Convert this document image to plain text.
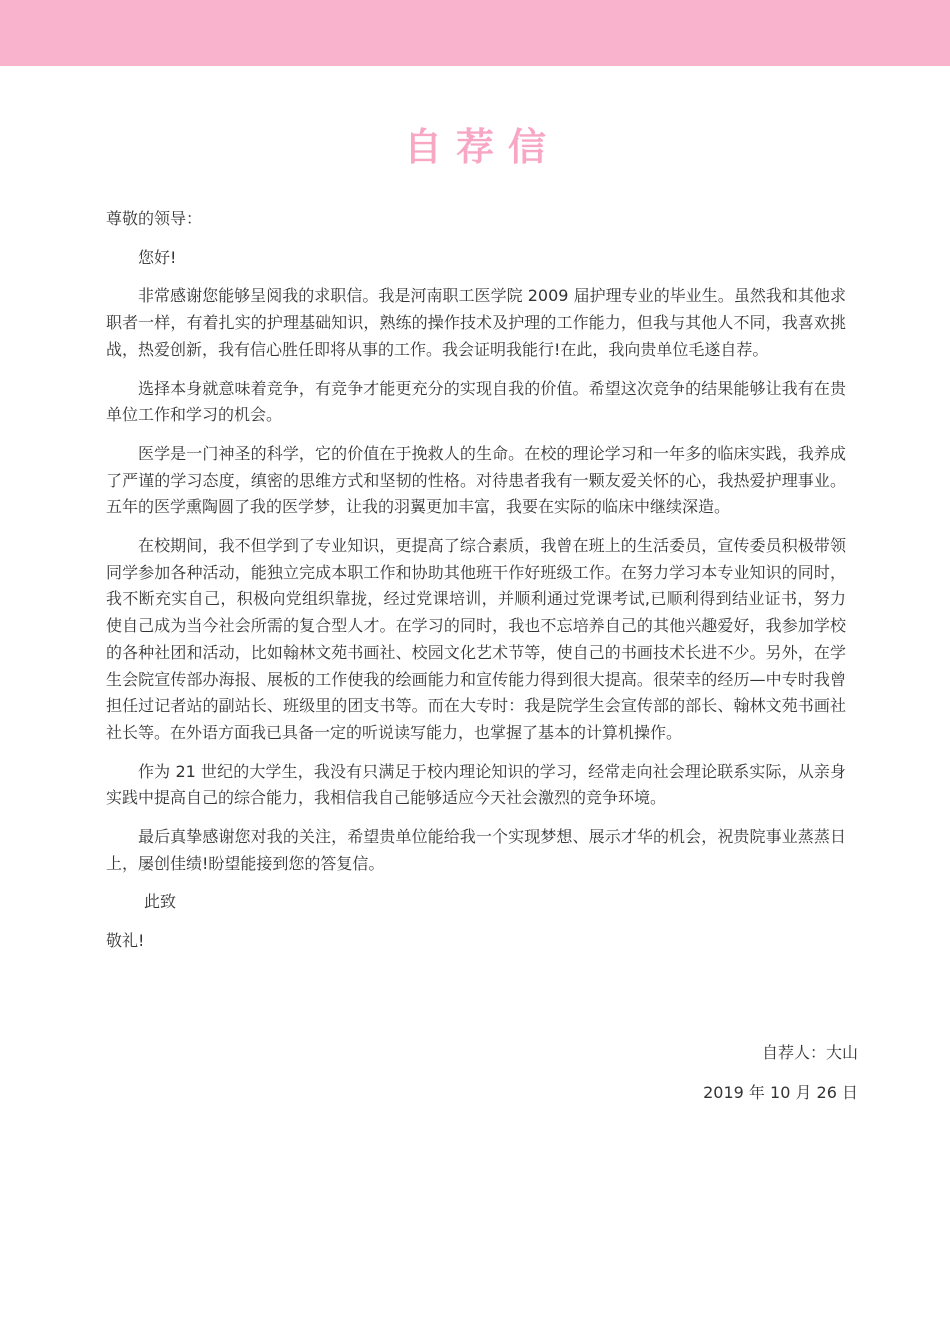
自荐信

尊敬的领导：

您好!

非常感谢您能够呈阅我的求职信。我是河南职工医学院 2009 届护理专业的毕业生。虽然我和其他求职者一样，有着扎实的护理基础知识，熟练的操作技术及护理的工作能力，但我与其他人不同，我喜欢挑战，热爱创新，我有信心胜任即将从事的工作。我会证明我能行!在此，我向贵单位毛遂自荐。

选择本身就意味着竞争，有竞争才能更充分的实现自我的价值。希望这次竞争的结果能够让我有在贵单位工作和学习的机会。

医学是一门神圣的科学，它的价值在于挽救人的生命。在校的理论学习和一年多的临床实践，我养成了严谨的学习态度，缜密的思维方式和坚韧的性格。对待患者我有一颗友爱关怀的心，我热爱护理事业。五年的医学熏陶圆了我的医学梦，让我的羽翼更加丰富，我要在实际的临床中继续深造。

在校期间，我不但学到了专业知识，更提高了综合素质，我曾在班上的生活委员，宣传委员积极带领同学参加各种活动，能独立完成本职工作和协助其他班干作好班级工作。在努力学习本专业知识的同时，我不断充实自己，积极向党组织靠拢，经过党课培训，并顺利通过党课考试,已顺利得到结业证书，努力使自己成为当今社会所需的复合型人才。在学习的同时，我也不忘培养自己的其他兴趣爱好，我参加学校的各种社团和活动，比如翰林文苑书画社、校园文化艺术节等，使自己的书画技术长进不少。另外，在学生会院宣传部办海报、展板的工作使我的绘画能力和宣传能力得到很大提高。很荣幸的经历—中专时我曾担任过记者站的副站长、班级里的团支书等。而在大专时：我是院学生会宣传部的部长、翰林文苑书画社社长等。在外语方面我已具备一定的听说读写能力，也掌握了基本的计算机操作。

作为 21 世纪的大学生，我没有只满足于校内理论知识的学习，经常走向社会理论联系实际，从亲身实践中提高自己的综合能力，我相信我自己能够适应今天社会激烈的竞争环境。

最后真挚感谢您对我的关注，希望贵单位能给我一个实现梦想、展示才华的机会，祝贵院事业蒸蒸日上，屡创佳绩!盼望能接到您的答复信。

此致

敬礼!

自荐人：大山
2019 年 10 月 26 日
